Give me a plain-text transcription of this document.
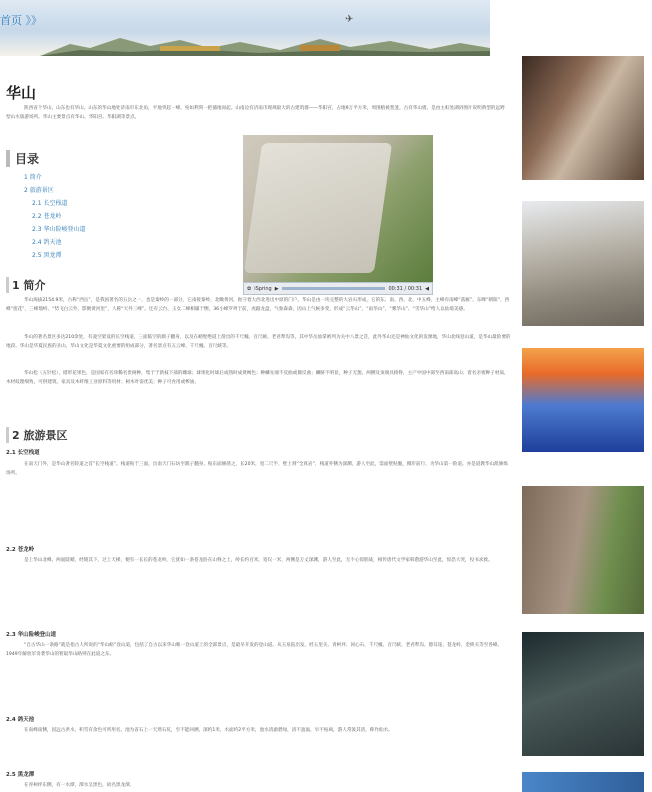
首页 》》	✈
华山
陕西省个华山，山东也有华山。山东的华山地处济南市东北角，平地突起一峰，宛如利剑一把插地而起。山南边有济南市现规最大的古建筑群——华阳宫，占地9万平方米，周围植被葱茏。古有华山墙，是由主虹处湖浴图片说明典型的远野型山水旅游场所。华山主要景点有华山、华阳宫、华阳湖等景点。
目录
1 简介
2 旅游景区
2.1 长空栈道
2.2 苍龙岭
2.3 华山险峻登山道
2.4 鸽天池
2.5 黑龙潭
✿ iSpring ▶	00:31 / 00:31 ◀
1 简介
华山海拔2154.9米，古称“西岳”，是我国著名的五岳之一，也是秦岭的一部分，它南接秦岭，北瞰黄河，扼守着大西北进出中原的门户。华山是由一块完整的大岩石形成，它的东、南、西、北、中五峰，主峰有南峰“落雁”、东峰“朝阳”、西峰“莲花”，三峰鼎峙，“势飞白云外，影倒黄河里”，人称“天外三峰”。还有云台、玉女二峰相辅于侧，36小峰罗列于前，虎踞龙盘，气象森森，因山上气候多变，形成“云华山”、“雨华山”、“雾华山”、“雪华山”给人以仙境美感。
华山的著名景区多达210余处，有凌空架设的长空栈道，三面临空的鹞子翻身，以及在峭壁绝道上凿出的千尺幢、百尺峡、老君犁沟等，其中华岳仙掌被列为关中八景之首，此外华山还是神仙文化的发源地，华山北线登山道，是华山最险要的地段。华山是华夏民族的圣山，华山文化是华夏文化重要的组成部分，著名景点有五云峰、千尺幢、百尺峡等。
华山松（五针松），塔形花果色，是国家有名珍稀名贵树种，集于于新枝下部的雌球；球果化时球后成熟时成黄褐色；种鳞先端不反曲或微反曲；鳞脐不明显，种子无翅，两侧及顶端具棱脊，主产中国中部至西南部高山；着名亲密种子材质，木材纹理细致，可供建筑、家具及木纤维工业原料等用材；树木叶姿优美；种子可食用或榨油。
2 旅游景区
2.1 长空栈道
在南天门外，是华山著名险道之首“长空栈道”。栈道贴于三面，出南天门石坊至鹞子翻身，贴东面修凿之，长20米，宽二尺半，壁上刻“全真岩”，栈道外侧为深渊，游人至此，需面壁贴腹，挪步前行，为华山第一险道。亦是道教华山派修炼场所。
2.2 苍龙岭
是上华山北峰、两面陡峭，经缝其下，过上天梯，便有一长长的苍龙岭，它犹如一条苍龙卧在山脊之上，岭长约百米，宽仅一米，两侧是万丈深渊，游人至此，无不心惊胆战，相传唐代文学家韩愈游华山至此，惊恐大哭，投书求救。
2.3 华山险峻登山道
“自古华山一条路”就是指古人所说的“华山峪”登山道，包括了自古以来华山唯一登山道上的全部景点，是最早开发的登山道。从玉泉院出发，经五里关、青柯坪、回心石、千尺幢、百尺峡、老君犁沟、擦耳崖、苍龙岭、金锁关等至各峰。1949年解放军奇袭华山的智取华山路则在此道之东。
2.4 鸽天池
在南峰南侧，因远古洪水，积雪有余色可所用名。池为省石上一天然石坑，至不能回溯，深约1米，水面约2平方米，池水清澈碧绿，清不盈溢，旱不枯竭，游人常汲其清，称作仙水。
2.5 黑龙潭
在青柯坪东侧，有一水潭，潭水呈黑色，故名黑龙潭。
